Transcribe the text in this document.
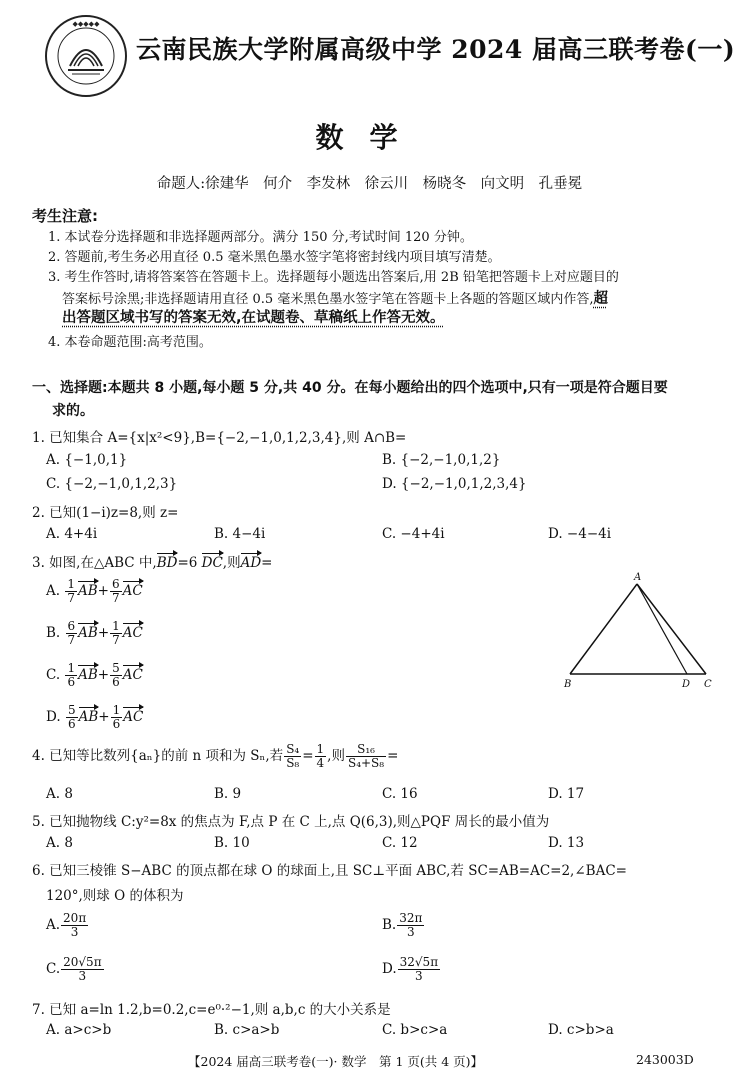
◆◆◆◆◆
云南民族大学附属高级中学 2024 届高三联考卷(一)
数学
命题人:徐建华　何介　李发林　徐云川　杨晓冬　向文明　孔垂冕
考生注意:
1. 本试卷分选择题和非选择题两部分。满分 150 分,考试时间 120 分钟。
2. 答题前,考生务必用直径 0.5 毫米黑色墨水签字笔将密封线内项目填写清楚。
3. 考生作答时,请将答案答在答题卡上。选择题每小题选出答案后,用 2B 铅笔把答题卡上对应题目的
答案标号涂黑;非选择题请用直径 0.5 毫米黑色墨水签字笔在答题卡上各题的答题区域内作答,超
出答题区域书写的答案无效,在试题卷、草稿纸上作答无效。
4. 本卷命题范围:高考范围。
一、选择题:本题共 8 小题,每小题 5 分,共 40 分。在每小题给出的四个选项中,只有一项是符合题目要
求的。
1. 已知集合 A={x|x²<9},B={−2,−1,0,1,2,3,4},则 A∩B=
A. {−1,0,1}	B. {−2,−1,0,1,2}
C. {−2,−1,0,1,2,3}	D. {−2,−1,0,1,2,3,4}
2. 已知(1−i)z=8,则 z=
A. 4+4i	B. 4−4i	C. −4+4i	D. −4−4i
3. 如图,在△ABC 中,BD=6 DC,则AD=
A. $\frac{1}{7} AB+ \frac{6}{7}$ AC
B. $\frac{6}{7} AB+ \frac{1}{7}$ AC
C. $\frac{1}{6} AB+ \frac{5}{6}$ AC
D. $\frac{5}{6} AB+ \frac{1}{6}$ AC
A
B	D C
4. 已知等比数列{aₙ}的前 n 项和为 Sₙ,若 $\frac{\text{S₄}}{\text{S₈}} = \frac{1}{4}$ ,则 $\frac{\text{S₁₆}}{\text{S₄+S₈}}$ =
A. 8	B. 9	C. 16	D. 17
5. 已知抛物线 C:y²=8x 的焦点为 F,点 P 在 C 上,点 Q(6,3),则△PQF 周长的最小值为
A. 8	B. 10	C. 12	D. 13
6. 已知三棱锥 S−ABC 的顶点都在球 O 的球面上,且 SC⊥平面 ABC,若 SC=AB=AC=2,∠BAC=
120°,则球 O 的体积为
A. $\frac{20\pi}{3}$	B. $\frac{32\pi}{3}$
C. $\frac{20√5\pi}{3}$	D. $\frac{32√5\pi}{3}$
7. 已知 a=ln 1.2,b=0.2,c=e⁰·²−1,则 a,b,c 的大小关系是
A. a>c>b	B. c>a>b	C. b>c>a	D. c>b>a
【2024 届高三联考卷(一)· 数学　第 1 页(共 4 页)】	243003D
